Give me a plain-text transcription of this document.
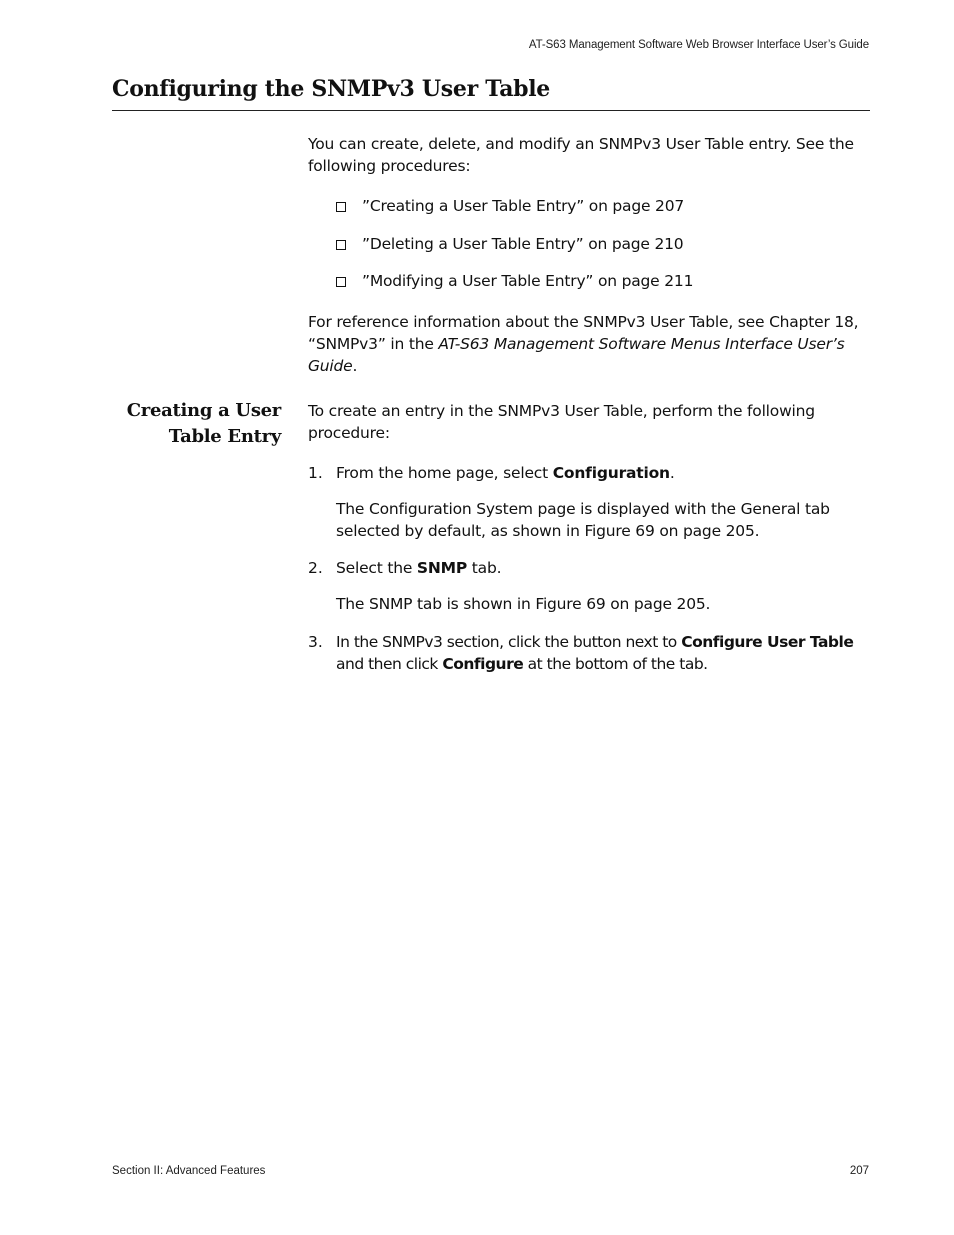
AT-S63 Management Software Web Browser Interface User’s Guide
Configuring the SNMPv3 User Table
You can create, delete, and modify an SNMPv3 User Table entry. See the following procedures:
”Creating a User Table Entry” on page 207
”Deleting a User Table Entry” on page 210
”Modifying a User Table Entry” on page 211
For reference information about the SNMPv3 User Table, see Chapter 18, “SNMPv3” in the AT-S63 Management Software Menus Interface User’s Guide.
Creating a User
Table Entry
To create an entry in the SNMPv3 User Table, perform the following procedure:
1. From the home page, select Configuration.
The Configuration System page is displayed with the General tab selected by default, as shown in Figure 69 on page 205.
2. Select the SNMP tab.
The SNMP tab is shown in Figure 69 on page 205.
3. In the SNMPv3 section, click the button next to Configure User Table and then click Configure at the bottom of the tab.
Section II: Advanced Features	207
